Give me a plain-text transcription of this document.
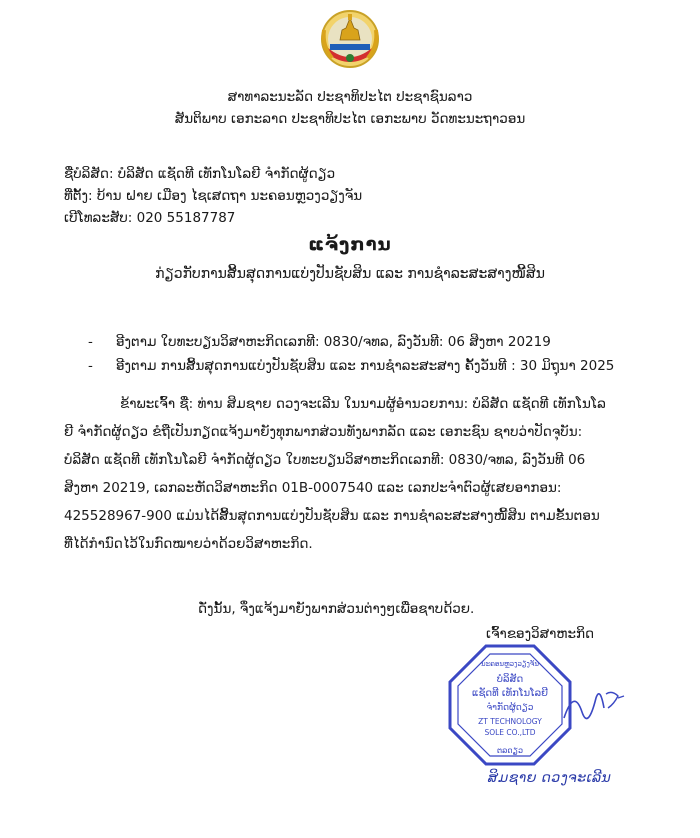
ສາທາລະນະລັດ ປະຊາທິປະໄຕ ປະຊາຊົນລາວ
ສັນຕິພາບ ເອກະລາດ ປະຊາທິປະໄຕ ເອກະພາບ ວັດທະນະຖາວອນ
ຊື່ບໍລິສັດ: ບໍລິສັດ ແຊັດທີ ເທັກໂນໂລຍີ ຈຳກັດຜູ້ດຽວ
ທີ່ຕັ້ງ: ບ້ານ ຝາຍ ເມືອງ ໄຊເສດຖາ ນະຄອນຫຼວງວຽງຈັນ
ເບີໂທລະສັບ: 020 55187787
ແຈ້ງການ
ກ່ຽວກັບການສິ້ນສຸດການແບ່ງປັນຊັບສິນ ແລະ ການຊຳລະສະສາງໜີ້ສິນ
- ອີງຕາມ ໃບທະບຽນວິສາຫະກິດເລກທີ: 0830/ຈທລ, ລົງວັນທີ: 06 ສິງຫາ 20219
- ອີງຕາມ ການສິ້ນສຸດການແບ່ງປັນຊັບສິນ ແລະ ການຊຳລະສະສາງ ຄັ້ງວັນທີ : 30 ມິຖຸນາ 2025
ຂ້າພະເຈົ້າ ຊື່: ທ່ານ ສິມຊາຍ ດວງຈະເລີນ ໃນນາມຜູ້ອຳນວຍການ: ບໍລິສັດ ແຊັດທີ ເທັກໂນໂລ
ຍີ ຈຳກັດຜູ້ດຽວ ຂໍຖືເປັນກຽດແຈ້ງມາຍັງທຸກພາກສ່ວນທັງພາກລັດ ແລະ ເອກະຊົນ ຊາບວ່າປັດຈຸບັນ:
ບໍລິສັດ ແຊັດທີ ເທັກໂນໂລຍີ ຈຳກັດຜູ້ດຽວ ໃບທະບຽນວິສາຫະກິດເລກທີ: 0830/ຈທລ, ລົງວັນທີ 06
ສິງຫາ 20219, ເລກລະຫັດວິສາຫະກິດ 01B-0007540 ແລະ ເລກປະຈຳຕົວຜູ້ເສຍອາກອນ:
425528967-900 ແມ່ນໄດ້ສິ້ນສຸດການແບ່ງປັນຊັບສິນ ແລະ ການຊຳລະສະສາງໜີ້ສິນ ຕາມຂັ້ນຕອນ
ທີ່ໄດ້ກຳນົດໄວ້ໃນກົດໝາຍວ່າດ້ວຍວິສາຫະກິດ.
ດັ່ງນັ້ນ, ຈຶ່ງແຈ້ງມາຍັງພາກສ່ວນຕ່າງໆເພື່ອຊາບດ້ວຍ.
ເຈົ້າຂອງວິສາຫະກິດ
ນະຄອນຫຼວງວຽງຈັນ
ບໍລິສັດ
ແຊັດທີ ເທັກໂນໂລຍີ
ຈຳກັດຜູ້ດຽວ
ZT TECHNOLOGY
SOLE CO.,LTD
ຕລດຽວ
ສິມຊາຍ ດວງຈະເລີນ
